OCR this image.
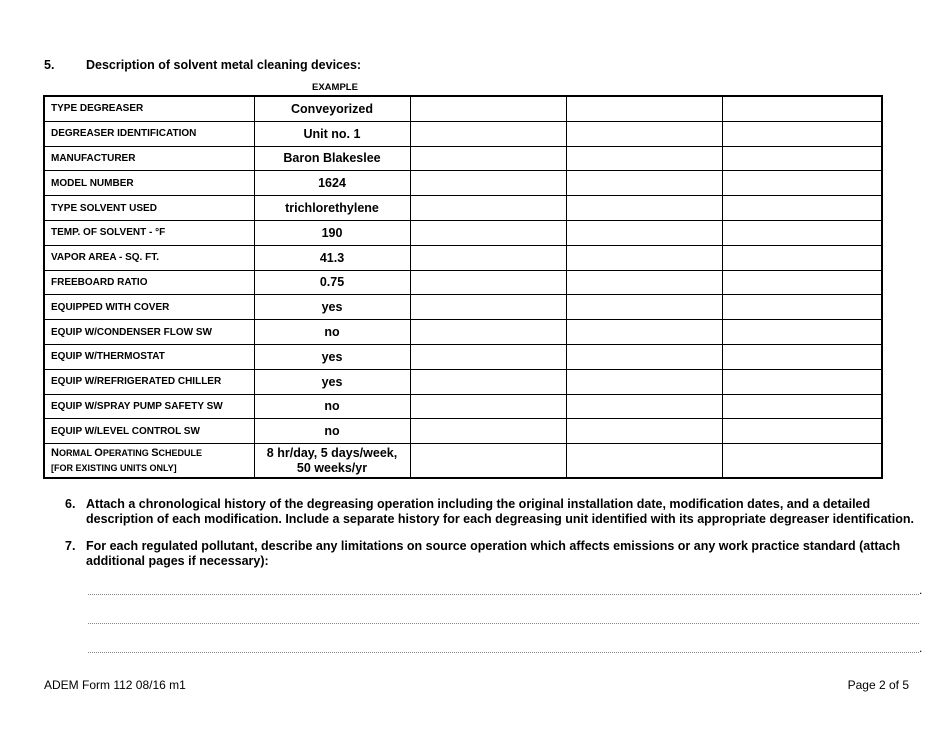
5.	Description of solvent metal cleaning devices:
EXAMPLE
TYPE DEGREASER	Conveyorized			
DEGREASER IDENTIFICATION	Unit no. 1			
MANUFACTURER	Baron Blakeslee			
MODEL NUMBER	1624			
TYPE SOLVENT USED	trichlorethylene			
TEMP. OF SOLVENT - °F	190			
VAPOR AREA - SQ. FT.	41.3			
FREEBOARD RATIO	0.75			
EQUIPPED WITH COVER	yes			
EQUIP W/CONDENSER FLOW SW	no			
EQUIP W/THERMOSTAT	yes			
EQUIP W/REFRIGERATED CHILLER	yes			
EQUIP W/SPRAY PUMP SAFETY SW	no			
EQUIP W/LEVEL CONTROL SW	no			
NORMAL OPERATING SCHEDULE
[FOR EXISTING UNITS ONLY]	8 hr/day, 5 days/week,
50 weeks/yr			
6. Attach a chronological history of the degreasing operation including the original installation date, modification dates, and a detailed description of each modification. Include a separate history for each degreasing unit identified with its appropriate degreaser identification.
7. For each regulated pollutant, describe any limitations on source operation which affects emissions or any work practice standard (attach additional pages if necessary):
.
.
ADEM Form 112 08/16 m1	Page 2 of 5
